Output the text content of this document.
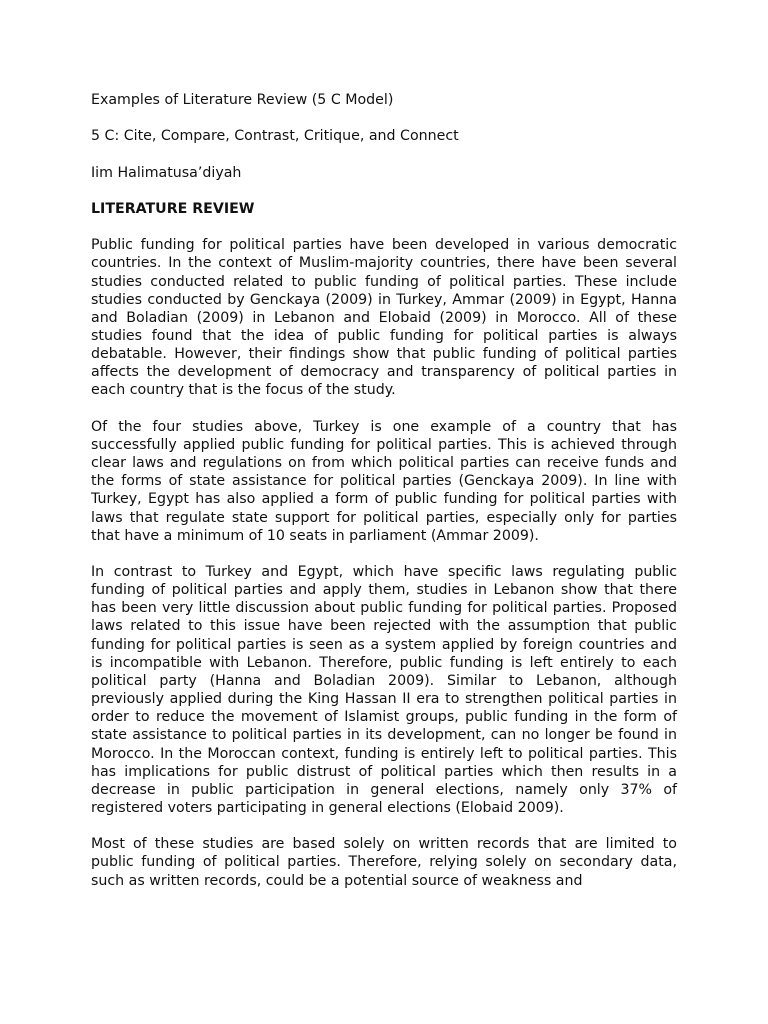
Examples of Literature Review (5 C Model)
5 C: Cite, Compare, Contrast, Critique, and Connect
Iim Halimatusa’diyah
LITERATURE REVIEW

Public funding for political parties have been developed in various democratic countries. In the context of Muslim-majority countries, there have been several studies conducted related to public funding of political parties. These include studies conducted by Genckaya (2009) in Turkey, Ammar (2009) in Egypt, Hanna and Boladian (2009) in Lebanon and Elobaid (2009) in Morocco. All of these studies found that the idea of public funding for political parties is always debatable. However, their findings show that public funding of political parties affects the development of democracy and transparency of political parties in each country that is the focus of the study.

Of the four studies above, Turkey is one example of a country that has successfully applied public funding for political parties. This is achieved through clear laws and regulations on from which political parties can receive funds and the forms of state assistance for political parties (Genckaya 2009). In line with Turkey, Egypt has also applied a form of public funding for political parties with laws that regulate state support for political parties, especially only for parties that have a minimum of 10 seats in parliament (Ammar 2009).

In contrast to Turkey and Egypt, which have specific laws regulating public funding of political parties and apply them, studies in Lebanon show that there has been very little discussion about public funding for political parties. Proposed laws related to this issue have been rejected with the assumption that public funding for political parties is seen as a system applied by foreign countries and is incompatible with Lebanon. Therefore, public funding is left entirely to each political party (Hanna and Boladian 2009). Similar to Lebanon, although previously applied during the King Hassan II era to strengthen political parties in order to reduce the movement of Islamist groups, public funding in the form of state assistance to political parties in its development, can no longer be found in Morocco. In the Moroccan context, funding is entirely left to political parties. This has implications for public distrust of political parties which then results in a decrease in public participation in general elections, namely only 37% of registered voters participating in general elections (Elobaid 2009).

Most of these studies are based solely on written records that are limited to public funding of political parties. Therefore, relying solely on secondary data, such as written records, could be a potential source of weakness and
